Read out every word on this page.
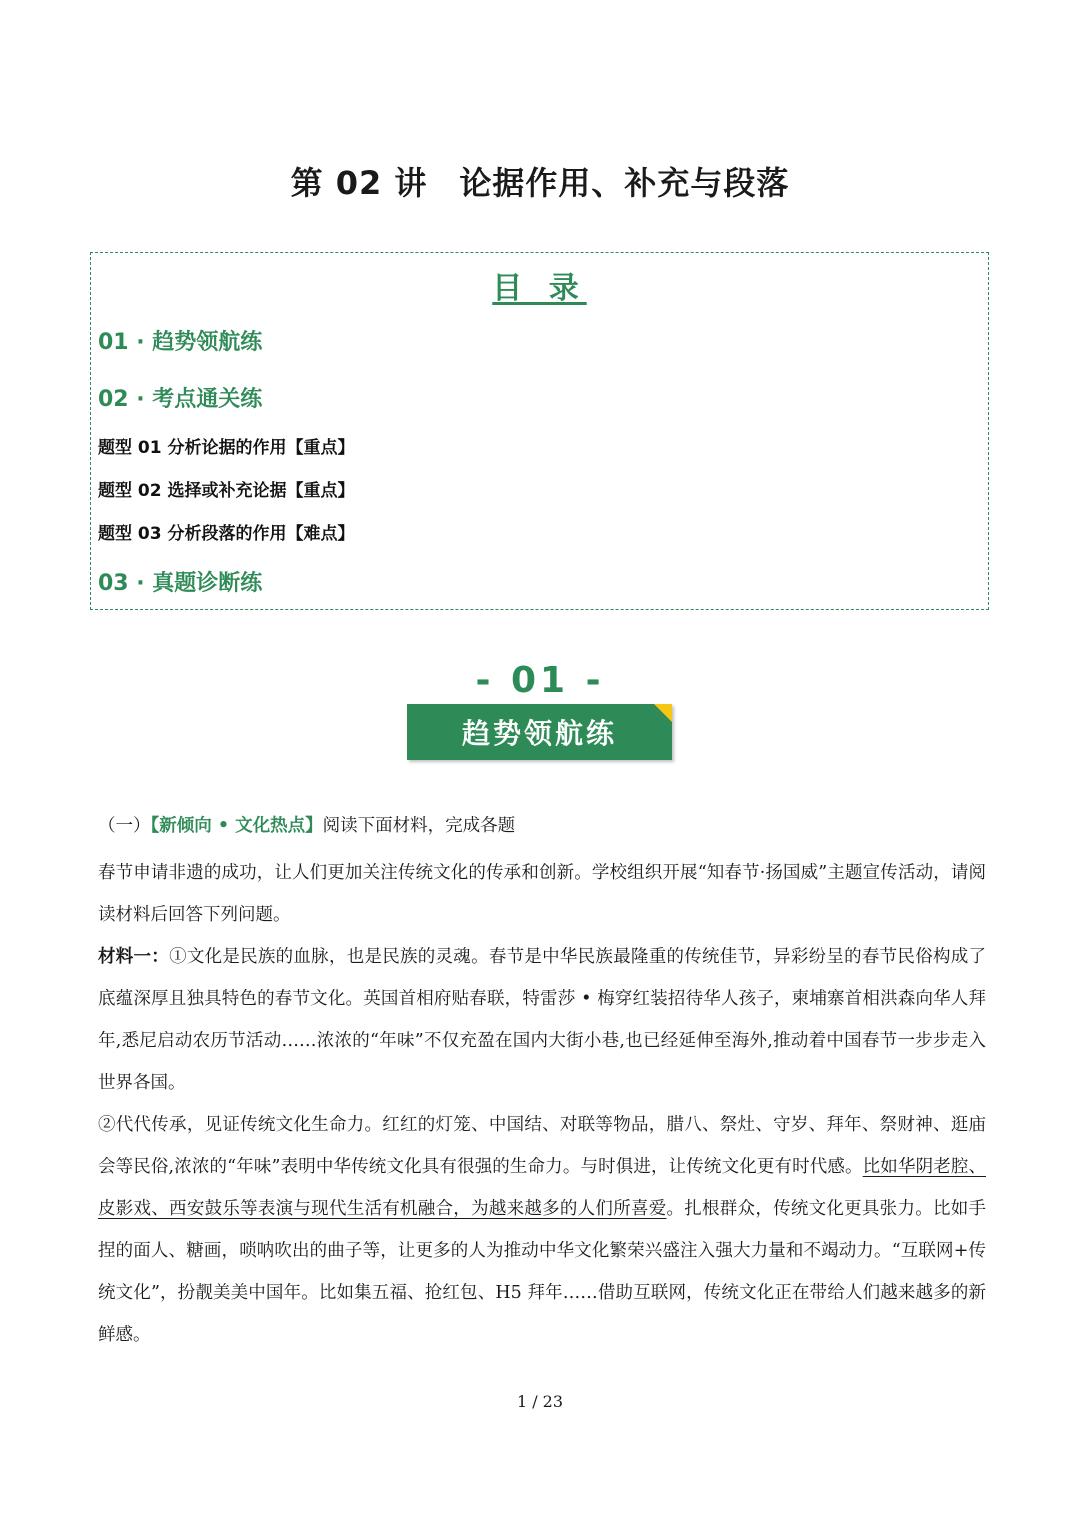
第 02 讲 论据作用、补充与段落
目 录
01 · 趋势领航练
02 · 考点通关练
题型 01 分析论据的作用【重点】
题型 02 选择或补充论据【重点】
题型 03 分析段落的作用【难点】
03 · 真题诊断练
- 01 -
趋势领航练
（一）【新倾向 • 文化热点】阅读下面材料，完成各题

春节申请非遗的成功，让人们更加关注传统文化的传承和创新。学校组织开展“知春节·扬国威”主题宣传活动，请阅读材料后回答下列问题。

材料一：①文化是民族的血脉，也是民族的灵魂。春节是中华民族最隆重的传统佳节，异彩纷呈的春节民俗构成了底蕴深厚且独具特色的春节文化。英国首相府贴春联，特雷莎 • 梅穿红装招待华人孩子，柬埔寨首相洪森向华人拜年,悉尼启动农历节活动……浓浓的“年味”不仅充盈在国内大街小巷,也已经延伸至海外,推动着中国春节一步步走入世界各国。

②代代传承，见证传统文化生命力。红红的灯笼、中国结、对联等物品，腊八、祭灶、守岁、拜年、祭财神、逛庙会等民俗,浓浓的“年味”表明中华传统文化具有很强的生命力。与时俱进，让传统文化更有时代感。比如华阴老腔、皮影戏、西安鼓乐等表演与现代生活有机融合，为越来越多的人们所喜爱。扎根群众，传统文化更具张力。比如手捏的面人、糖画，唢呐吹出的曲子等，让更多的人为推动中华文化繁荣兴盛注入强大力量和不竭动力。“互联网+传统文化”，扮靓美美中国年。比如集五福、抢红包、H5 拜年……借助互联网，传统文化正在带给人们越来越多的新鲜感。

1 / 23
